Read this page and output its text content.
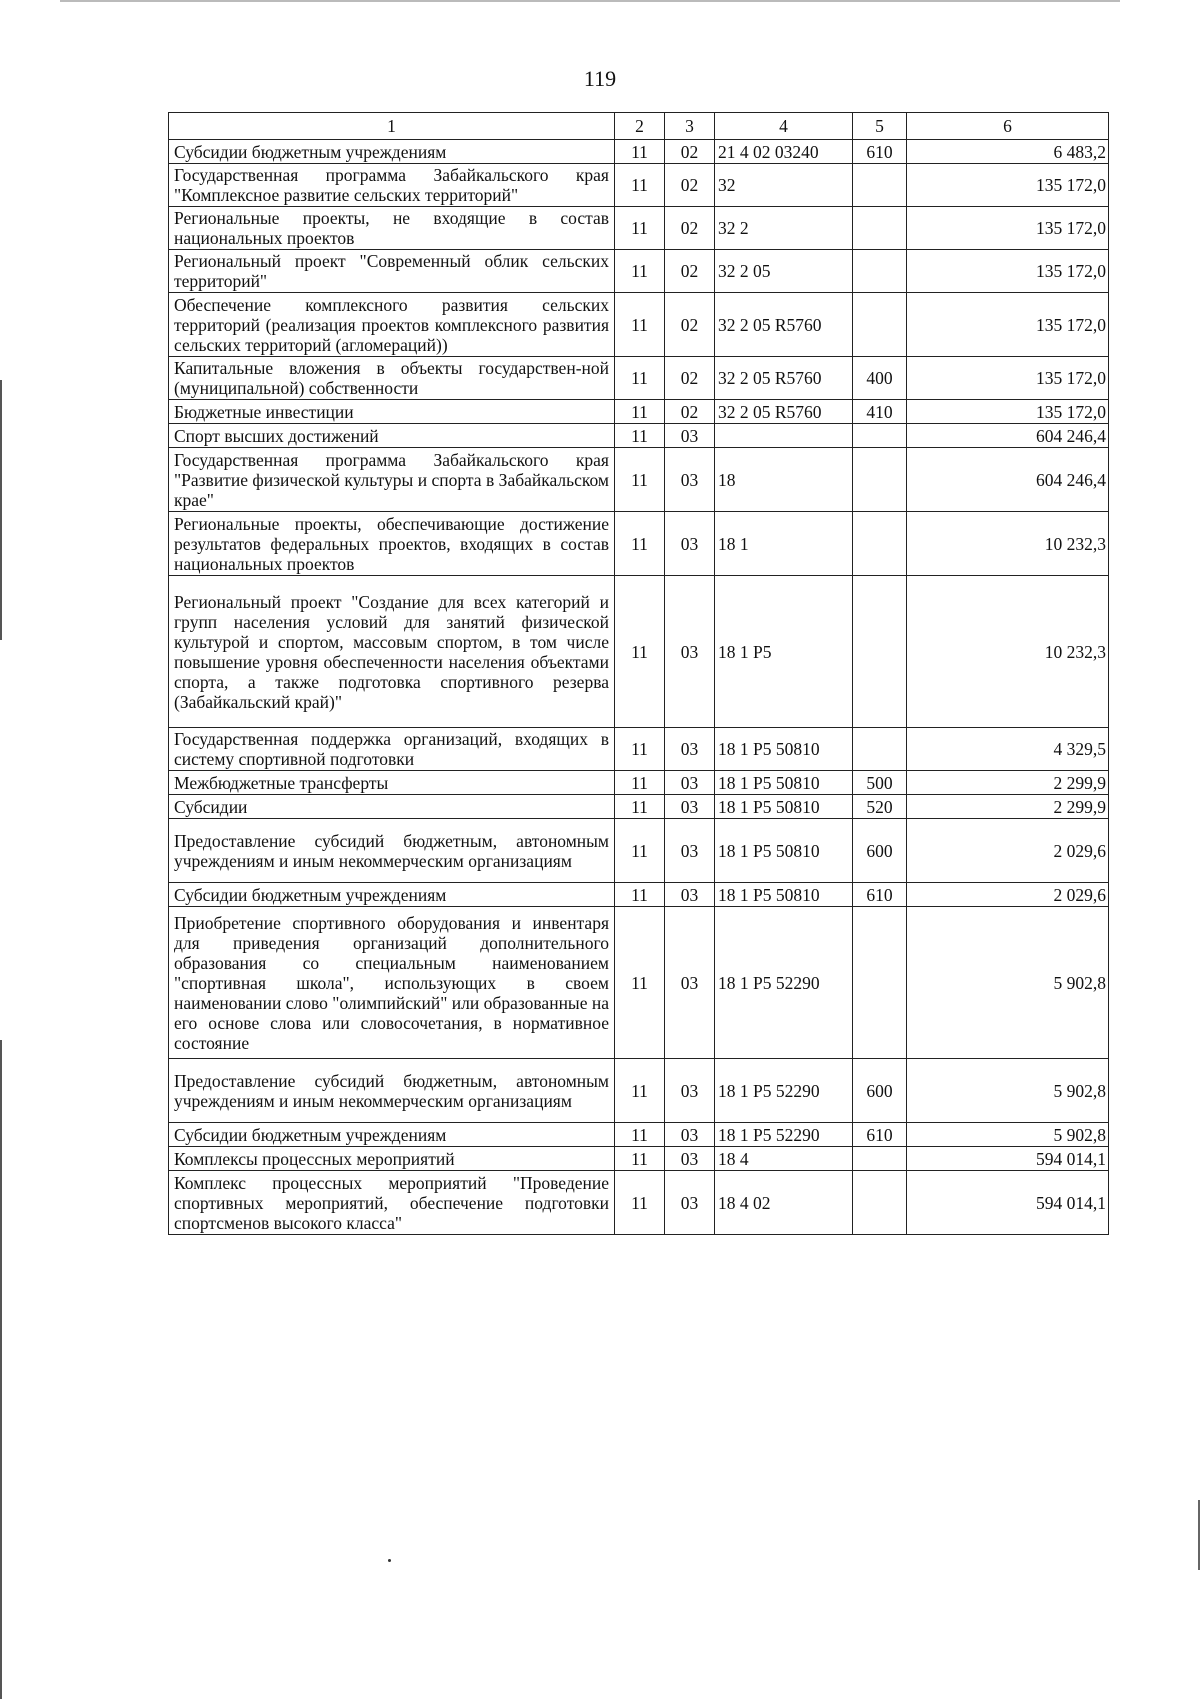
119
1	2	3	4	5	6
Субсидии бюджетным учреждениям	11	02	21 4 02 03240	610	6 483,2
Государственная программа Забайкальского края "Комплексное развитие сельских территорий"	11	02	32		135 172,0
Региональные проекты, не входящие в состав национальных проектов	11	02	32 2		135 172,0
Региональный проект "Современный облик сельских территорий"	11	02	32 2 05		135 172,0
Обеспечение комплексного развития сельских территорий (реализация проектов комплексного развития сельских территорий (агломераций))	11	02	32 2 05 R5760		135 172,0
Капитальные вложения в объекты государствен-ной (муниципальной) собственности	11	02	32 2 05 R5760	400	135 172,0
Бюджетные инвестиции	11	02	32 2 05 R5760	410	135 172,0
Спорт высших достижений	11	03			604 246,4
Государственная программа Забайкальского края "Развитие физической культуры и спорта в Забайкальском крае"	11	03	18		604 246,4
Региональные проекты, обеспечивающие достижение результатов федеральных проектов, входящих в состав национальных проектов	11	03	18 1		10 232,3
Региональный проект "Создание для всех категорий и групп населения условий для занятий физической культурой и спортом, массовым спортом, в том числе повышение уровня обеспеченности населения объектами спорта, а также подготовка спортивного резерва (Забайкальский край)"	11	03	18 1 P5		10 232,3
Государственная поддержка организаций, входящих в систему спортивной подготовки	11	03	18 1 P5 50810		4 329,5
Межбюджетные трансферты	11	03	18 1 P5 50810	500	2 299,9
Субсидии	11	03	18 1 P5 50810	520	2 299,9
Предоставление субсидий бюджетным, автономным учреждениям и иным некоммерческим организациям	11	03	18 1 P5 50810	600	2 029,6
Субсидии бюджетным учреждениям	11	03	18 1 P5 50810	610	2 029,6
Приобретение спортивного оборудования и инвентаря для приведения организаций дополнительного образования со специальным наименованием "спортивная школа", использующих в своем наименовании слово "олимпийский" или образованные на его основе слова или словосочетания, в нормативное состояние	11	03	18 1 P5 52290		5 902,8
Предоставление субсидий бюджетным, автономным учреждениям и иным некоммерческим организациям	11	03	18 1 P5 52290	600	5 902,8
Субсидии бюджетным учреждениям	11	03	18 1 P5 52290	610	5 902,8
Комплексы процессных мероприятий	11	03	18 4		594 014,1
Комплекс процессных мероприятий "Проведение спортивных мероприятий, обеспечение подготовки спортсменов высокого класса"	11	03	18 4 02		594 014,1
